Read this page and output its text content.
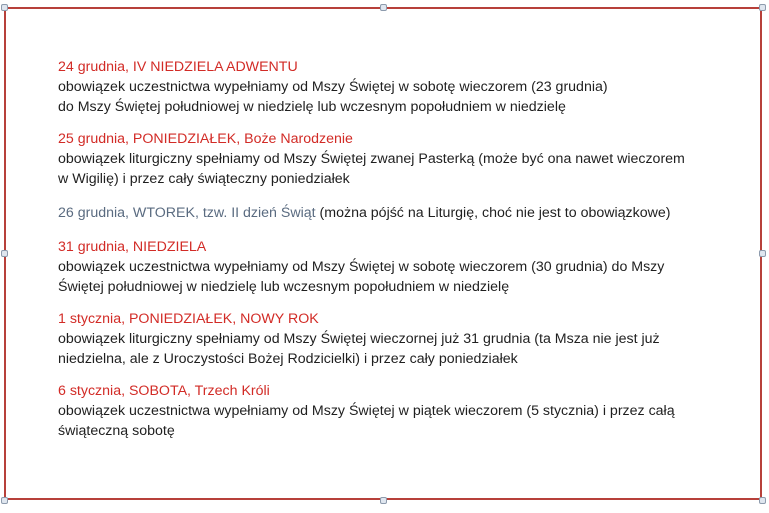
24 grudnia, IV NIEDZIELA ADWENTU
obowiązek uczestnictwa wypełniamy od Mszy Świętej w sobotę wieczorem (23 grudnia)
do Mszy Świętej południowej w niedzielę lub wczesnym popołudniem w niedzielę
25 grudnia, PONIEDZIAŁEK, Boże Narodzenie
obowiązek liturgiczny spełniamy od Mszy Świętej zwanej Pasterką (może być ona nawet wieczorem
w Wigilię) i przez cały świąteczny poniedziałek
26 grudnia, WTOREK, tzw. II dzień Świąt (można pójść na Liturgię, choć nie jest to obowiązkowe)
31 grudnia, NIEDZIELA
obowiązek uczestnictwa wypełniamy od Mszy Świętej w sobotę wieczorem (30 grudnia) do Mszy
Świętej południowej w niedzielę lub wczesnym popołudniem w niedzielę
1 stycznia, PONIEDZIAŁEK, NOWY ROK
obowiązek liturgiczny spełniamy od Mszy Świętej wieczornej już 31 grudnia (ta Msza nie jest już
niedzielna, ale z Uroczystości Bożej Rodzicielki) i przez cały poniedziałek
6 stycznia, SOBOTA, Trzech Króli
obowiązek uczestnictwa wypełniamy od Mszy Świętej w piątek wieczorem (5 stycznia) i przez całą
świąteczną sobotę
